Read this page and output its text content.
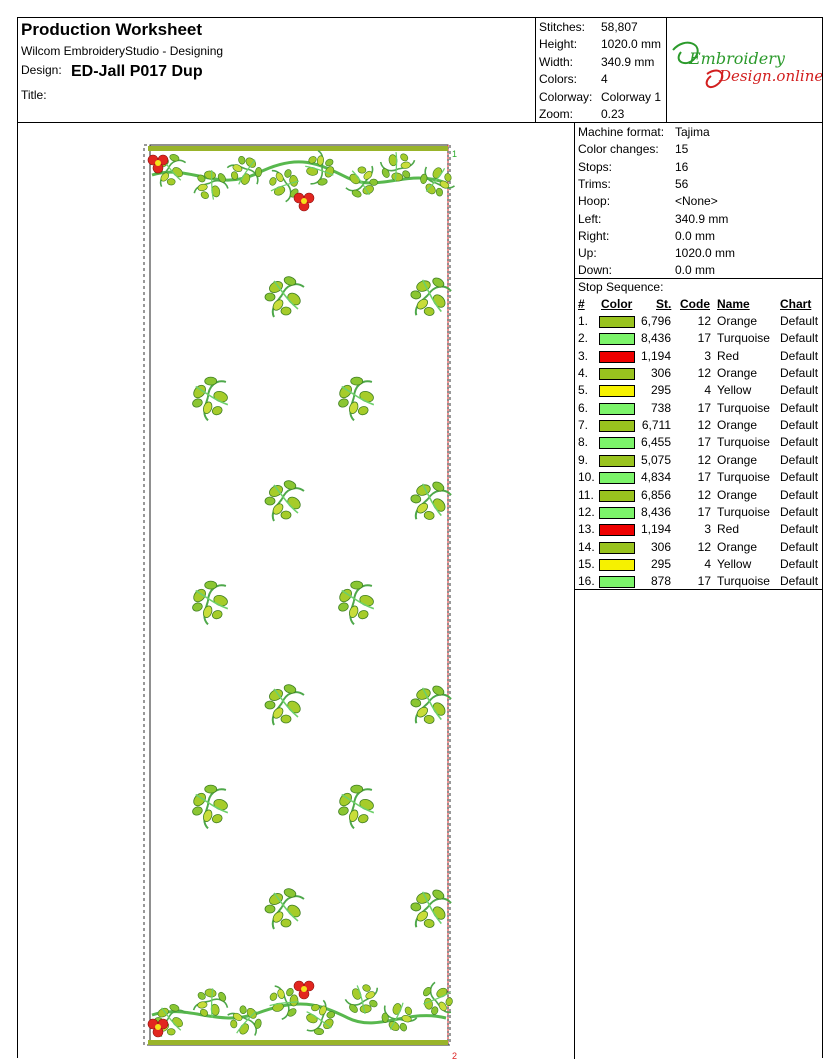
Production Worksheet
Wilcom EmbroideryStudio - Designing
Design: ED-Jall P017 Dup
Title:
Stitches: 58,807
Height: 1020.0 mm
Width: 340.9 mm
Colors: 4
Colorway: Colorway 1
Zoom: 0.23
Embroidery
Design.online
1
2
Machine format: Tajima
Color changes: 15
Stops:	16
Trims:	56
Hoop:	<None>
Left:	340.9 mm
Right:	0.0 mm
Up:	1020.0 mm
Down:	0.0 mm
Stop Sequence:
# Color St. Code Name	Chart
1.	6,796 12 Orange Default
2.	8,436 17 Turquoise Default
3.	1,194	3 Red	Default
4.	306 12 Orange Default
5.	295	4 Yellow Default
6.	738 17 Turquoise Default
7.	6,711 12 Orange Default
8.	6,455 17 Turquoise Default
9.	5,075 12 Orange Default
10.	4,834 17 Turquoise Default
11.	6,856 12 Orange Default
12.	8,436 17 Turquoise Default
13.	1,194	3 Red	Default
14.	306 12 Orange Default
15.	295	4 Yellow Default
16.	878 17 Turquoise Default
